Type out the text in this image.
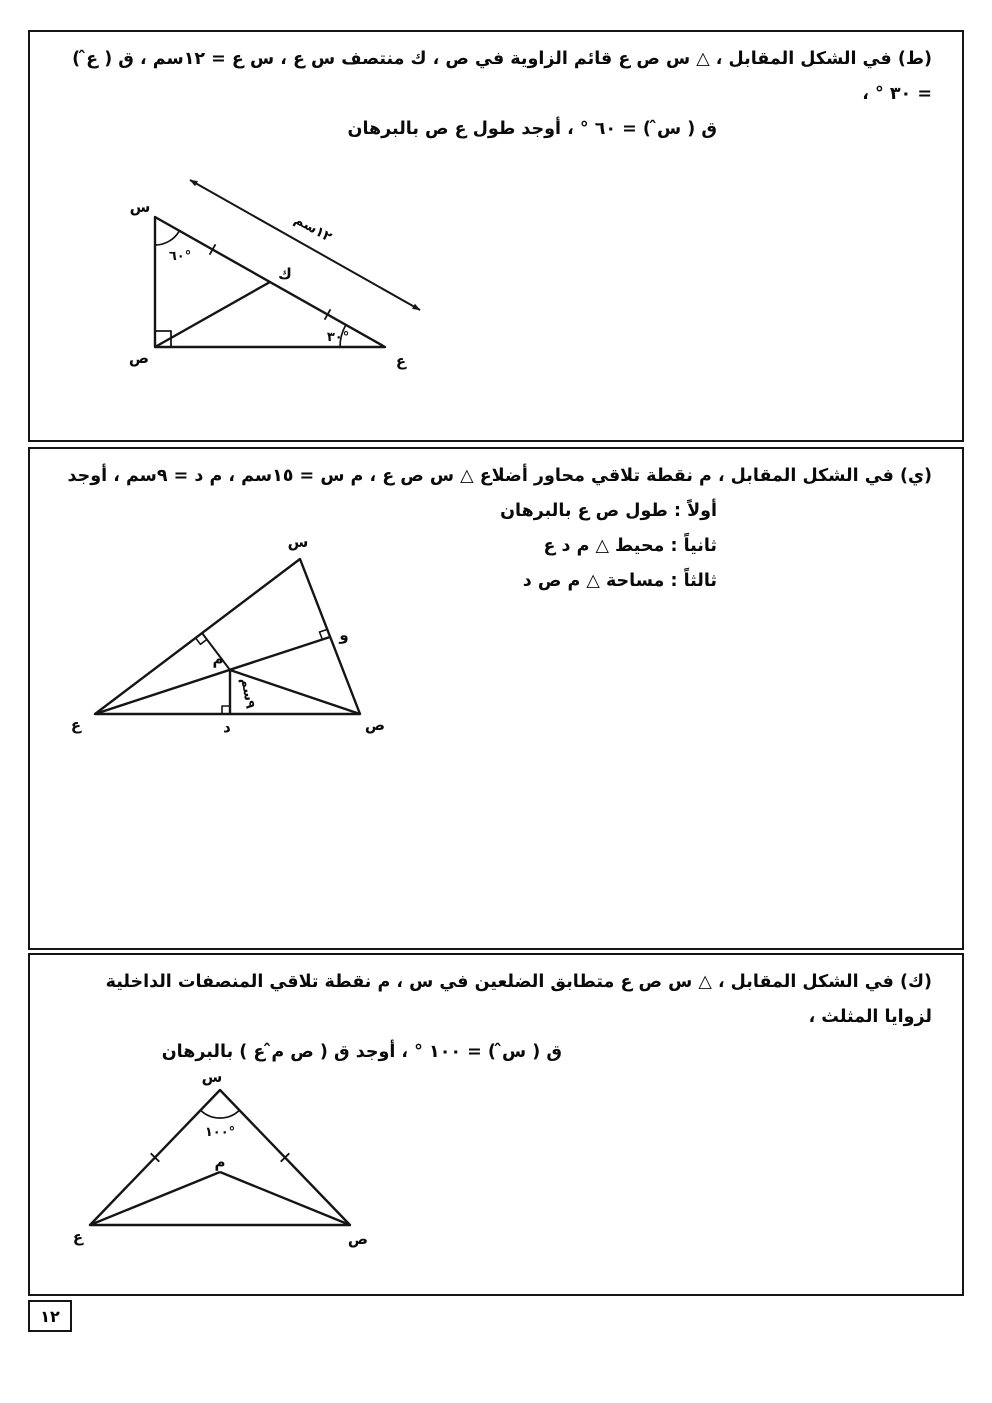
(ط) في الشكل المقابل ، △ س ص ع قائم الزاوية في ص ، ك منتصف س ع ، س ع = ١٢سم ، ق ( ع̂ ) = ٣٠ ° ،
ق ( س̂ ) = ٦٠ ° ، أوجد طول ع ص بالبرهان
س
ص	ع
ك
٦٠°
٣٠°
١٢سم
(ي) في الشكل المقابل ، م نقطة تلاقي محاور أضلاع △ س ص ع ، م س = ١٥سم ، م د = ٩سم ، أوجد
أولاً : طول ص ع بالبرهان
ثانياً : محيط △ م د ع
ثالثاً : مساحة △ م ص د
س
ع	ص
م
و
د
٩سم
(ك) في الشكل المقابل ، △ س ص ع متطابق الضلعين في س ، م نقطة تلاقي المنصفات الداخلية لزوايا المثلث ،
ق ( س̂ ) = ١٠٠ ° ، أوجد ق ( ص م̂ ع ) بالبرهان
س
ع	ص
م
١٠٠°
١٢
